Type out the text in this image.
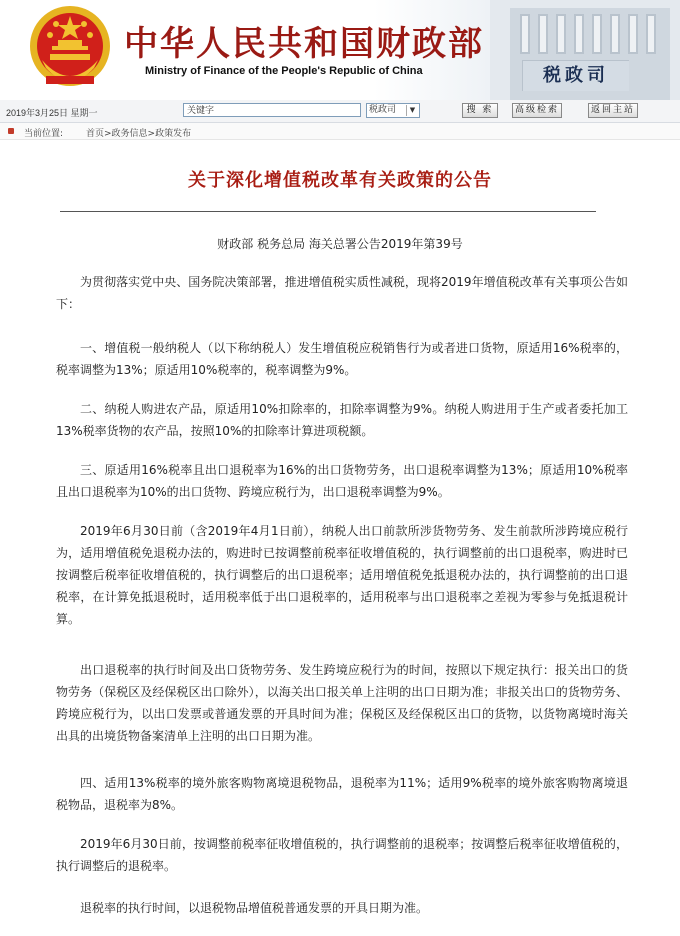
中华人民共和国财政部
Ministry of Finance of the People's Republic of China	税政司
2019年3月25日 星期一	关键字	税政司	▼	搜 索	高级检索	返回主站
当前位置:	首页>政务信息>政策发布
关于深化增值税改革有关政策的公告
财政部 税务总局 海关总署公告2019年第39号

为贯彻落实党中央、国务院决策部署，推进增值税实质性减税，现将2019年增值税改革有关事项公告如下：

一、增值税一般纳税人（以下称纳税人）发生增值税应税销售行为或者进口货物，原适用16%税率的，税率调整为13%；原适用10%税率的，税率调整为9%。

二、纳税人购进农产品，原适用10%扣除率的，扣除率调整为9%。纳税人购进用于生产或者委托加工13%税率货物的农产品，按照10%的扣除率计算进项税额。

三、原适用16%税率且出口退税率为16%的出口货物劳务，出口退税率调整为13%；原适用10%税率且出口退税率为10%的出口货物、跨境应税行为，出口退税率调整为9%。

2019年6月30日前（含2019年4月1日前），纳税人出口前款所涉货物劳务、发生前款所涉跨境应税行为，适用增值税免退税办法的，购进时已按调整前税率征收增值税的，执行调整前的出口退税率，购进时已按调整后税率征收增值税的，执行调整后的出口退税率；适用增值税免抵退税办法的，执行调整前的出口退税率，在计算免抵退税时，适用税率低于出口退税率的，适用税率与出口退税率之差视为零参与免抵退税计算。

出口退税率的执行时间及出口货物劳务、发生跨境应税行为的时间，按照以下规定执行：报关出口的货物劳务（保税区及经保税区出口除外），以海关出口报关单上注明的出口日期为准；非报关出口的货物劳务、跨境应税行为，以出口发票或普通发票的开具时间为准；保税区及经保税区出口的货物，以货物离境时海关出具的出境货物备案清单上注明的出口日期为准。

四、适用13%税率的境外旅客购物离境退税物品，退税率为11%；适用9%税率的境外旅客购物离境退税物品，退税率为8%。

2019年6月30日前，按调整前税率征收增值税的，执行调整前的退税率；按调整后税率征收增值税的，执行调整后的退税率。

退税率的执行时间，以退税物品增值税普通发票的开具日期为准。
